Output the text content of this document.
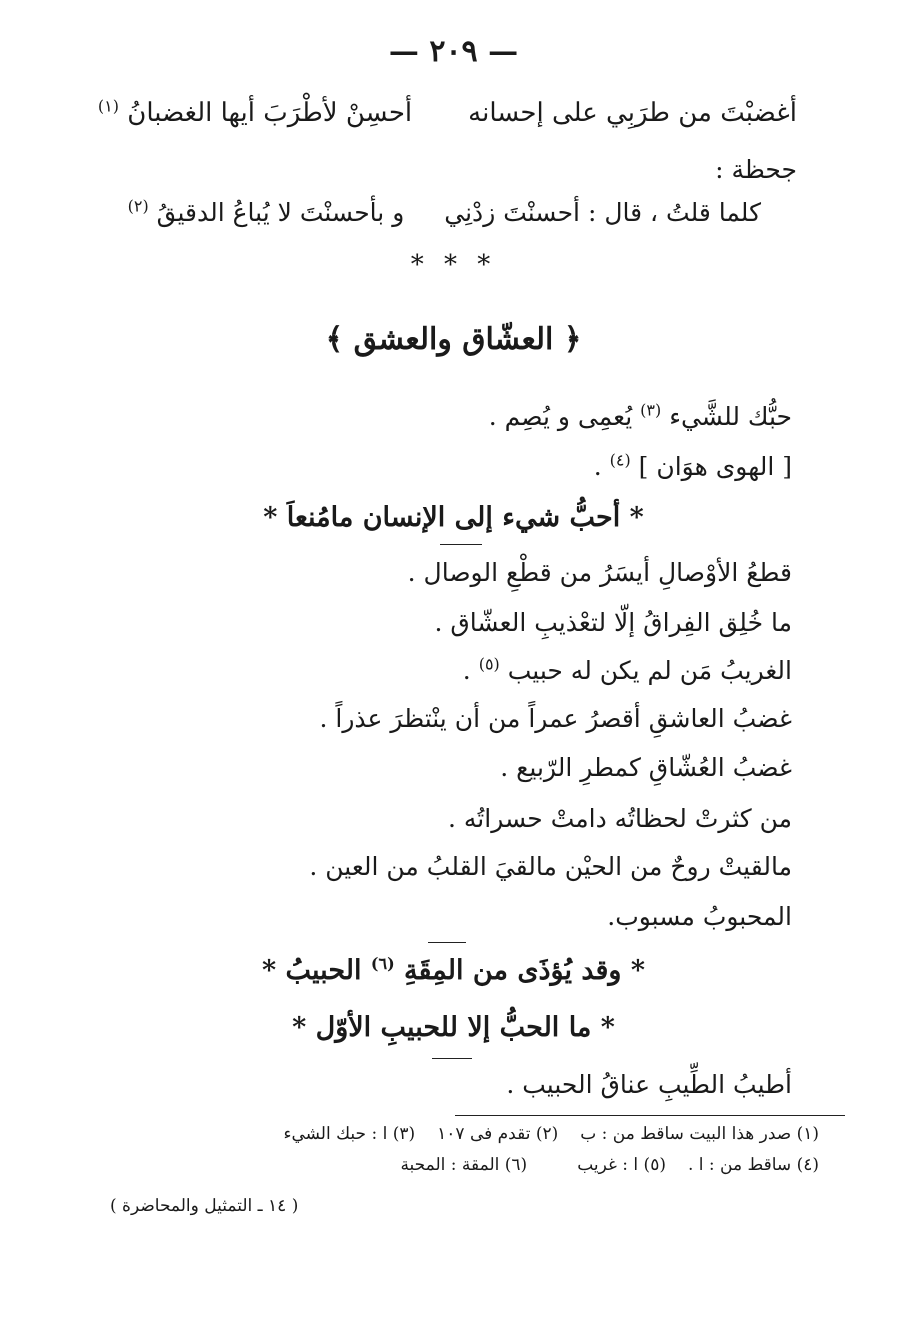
— ٢٠٩ —
أغضبْتَ من طرَبِي على إحسانهأحسِنْ لأطْرَبَ أيها الغضبانُ $^{(١)}$
جحظة :
كلما قلتُ ، قال : أحسنْتَ زدْنِيو بأحسنْتَ لا يُباعُ الدقيقُ $^{(٢)}$
* * *
﴿ العشّاق والعشق ﴾
حبُّك للشَّيء $^{(٣)}$ يُعمِى و يُصِم .
[ الهوى هوَان ] $^{(٤)}$ .
* أحبُّ شيء إلى الإنسان مامُنعاَ *
قطعُ الأوْصالِ أيسَرُ من قطْعِ الوصال .
ما خُلِق الفِراقُ إلّا لتعْذيبِ العشّاق .
الغريبُ مَن لم يكن له حبيب $^{(٥)}$ .
غضبُ العاشقِ أقصرُ عمراً من أن ينْتظرَ عذراً .
غضبُ العُشّاقِ كمطرِ الرّبيع .
من كثرتْ لحظاتُه دامتْ حسراتُه .
مالقيتْ روحٌ من الحيْن مالقيَ القلبُ من العين .
المحبوبُ مسبوب.
* وقد يُؤذَى من المِقَةِ $^{(٦)}$ الحبيبُ *
* ما الحبُّ إلا للحبيبِ الأوّل *
أطيبُ الطِّيبِ عناقُ الحبيب .
(١) صدر هذا البيت ساقط من : ب(٢) تقدم فى ١٠٧(٣) ا : حبك الشيء
(٤) ساقط من : ا .(٥) ا : غريب(٦) المقة : المحبة
( ١٤ ـ التمثيل والمحاضرة )
